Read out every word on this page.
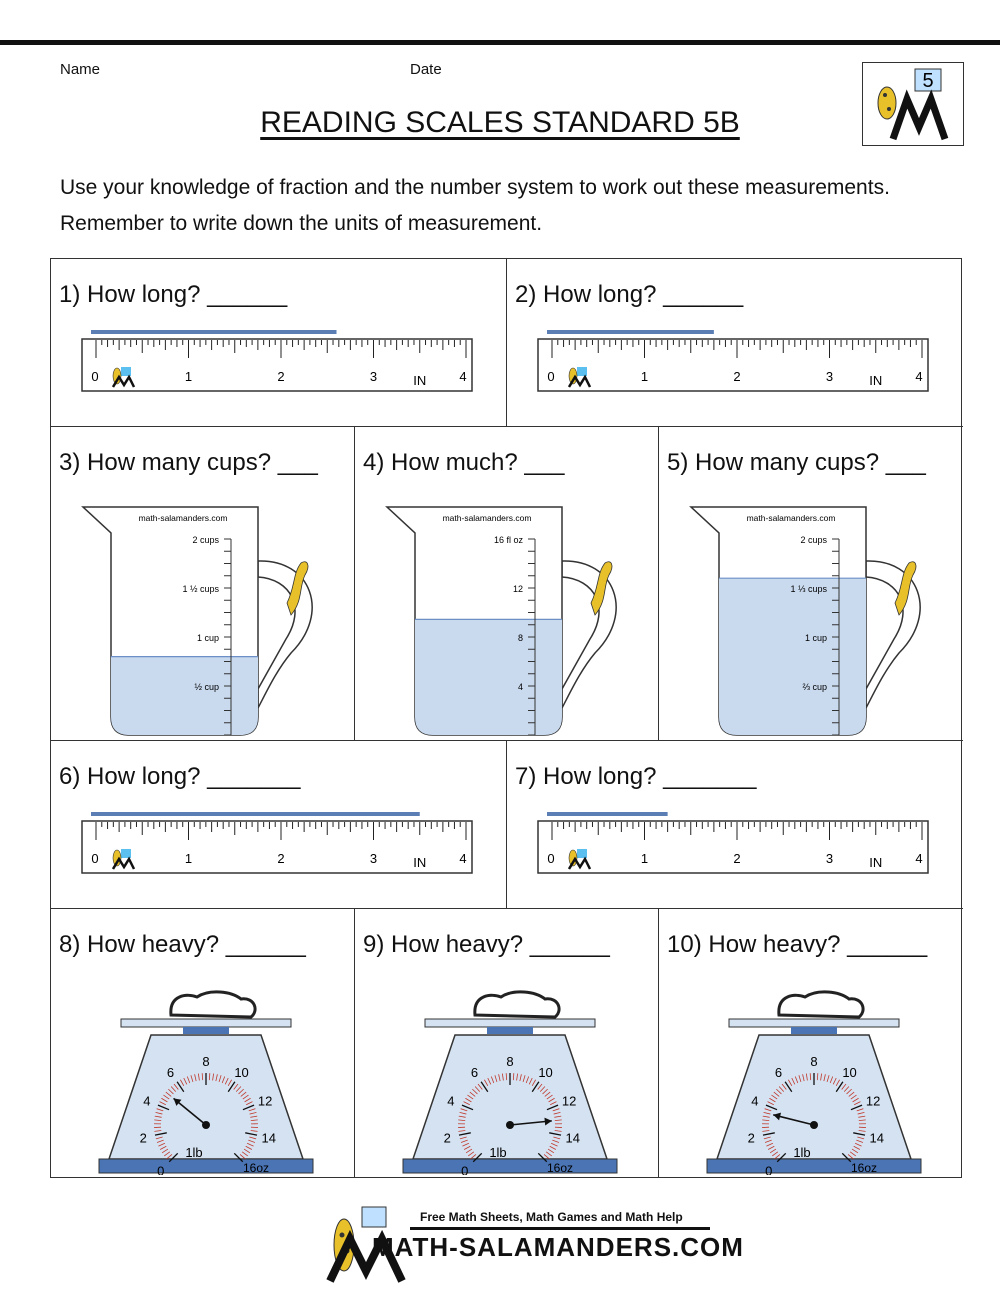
Name	Date
5
READING SCALES STANDARD 5B
Use your knowledge of fraction and the number system to work out these measurements. Remember to write down the units of measurement.
1) How long? ______
0	1	2	3	4
IN
2) How long? ______
0	1	2	3	4
IN
3) How many cups? ___
math-salamanders.com
2 cups
1 ½ cups
1 cup
½ cup
4) How much? ___
math-salamanders.com
16 fl oz
12
8
4
5) How many cups? ___
math-salamanders.com
2 cups
1 ⅓ cups
1 cup
⅔ cup
6) How long? _______
0	1	2	3	4
IN
7) How long? _______
0	1	2	3	4
IN
8) How heavy? ______
0
2
4
6
8
10
12
14
1lb
16oz
9) How heavy? ______
0
2
4
6
8
10
12
14
1lb
16oz
10) How heavy? ______
0
2
4
6
8
10
12
14
1lb
16oz
Free Math Sheets, Math Games and Math Help
MATH-SALAMANDERS.COM
